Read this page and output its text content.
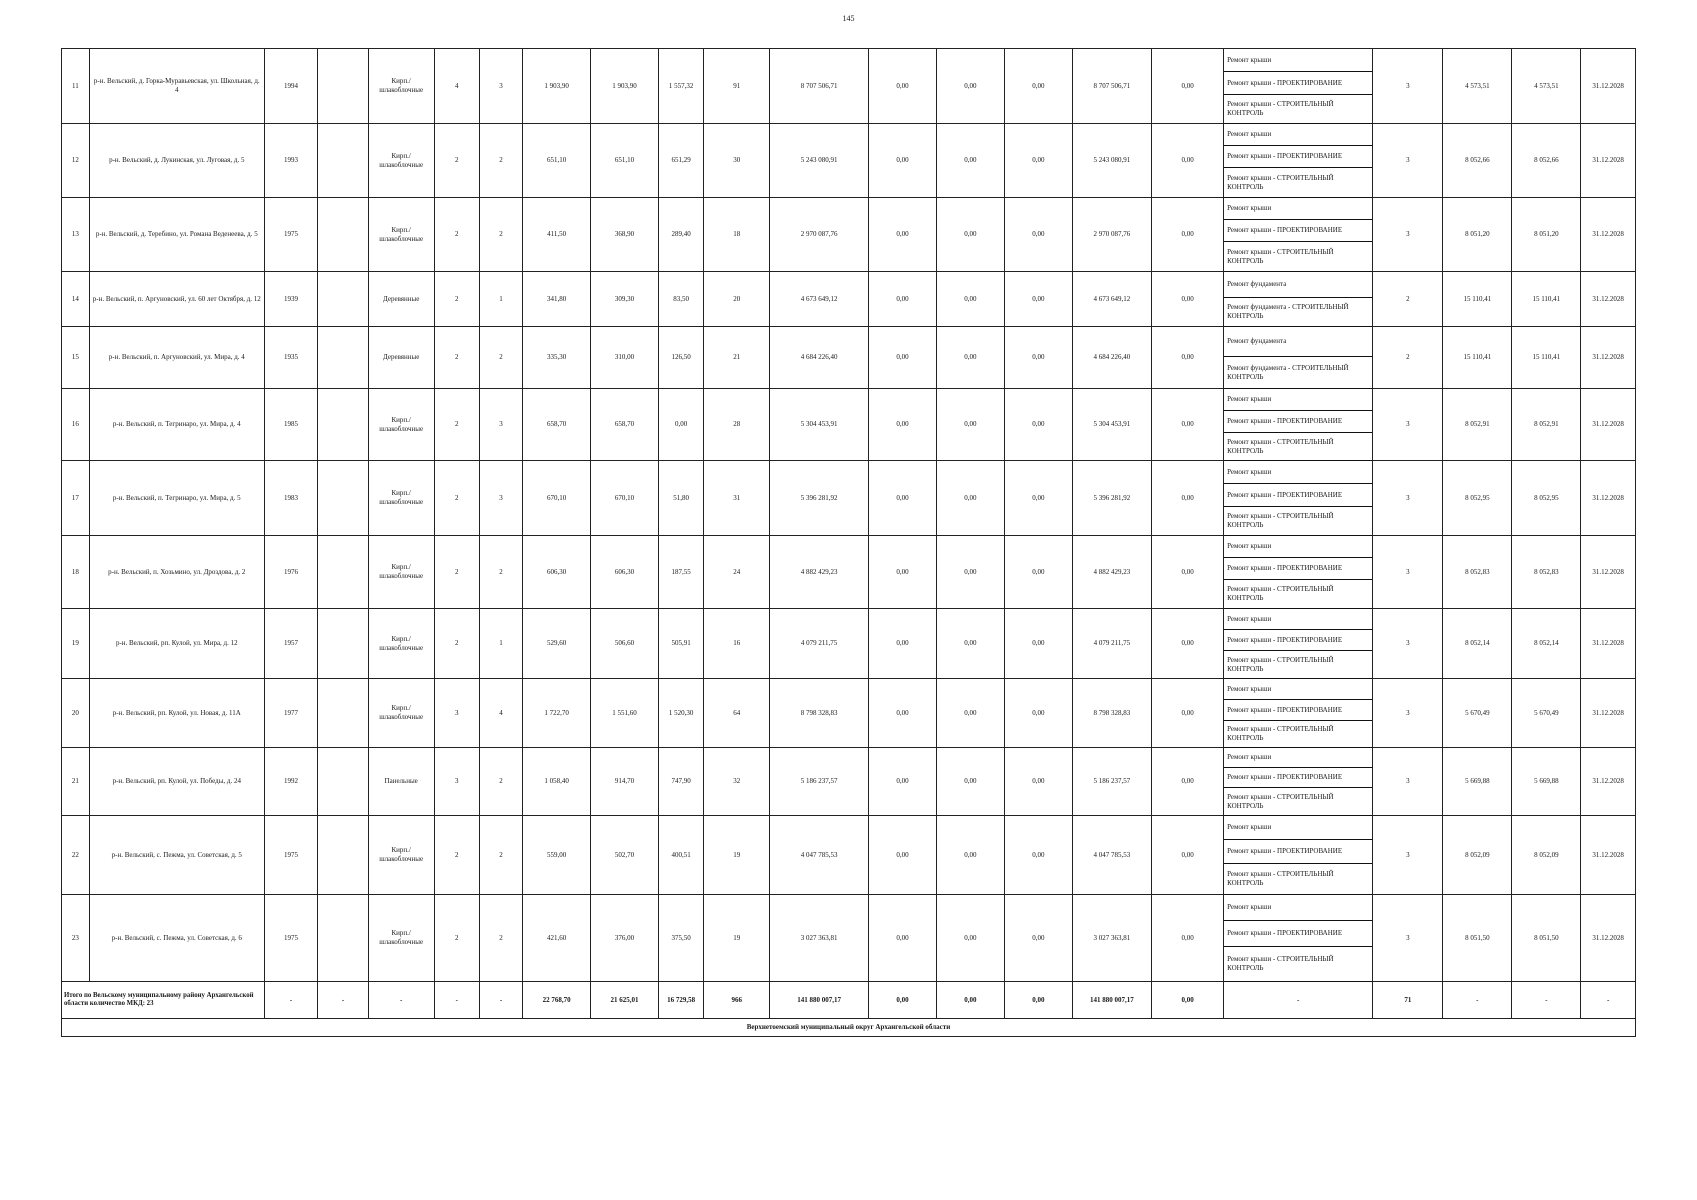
145
11	р-н. Вельский, д. Горка-Муравьевская, ул. Школьная, д. 4	1994		Кирп./ шлакоблочные	4	3	1 903,90	1 903,90	1 557,32	91	8 707 506,71	0,00	0,00	0,00	8 707 506,71	0,00	Ремонт крыши	3	4 573,51	4 573,51	31.12.2028
																	Ремонт крыши - ПРОЕКТИРОВАНИЕ				
																	Ремонт крыши - СТРОИТЕЛЬНЫЙ КОНТРОЛЬ				
12	р-н. Вельский, д. Лукинская, ул. Луговая, д. 5	1993		Кирп./ шлакоблочные	2	2	651,10	651,10	651,29	30	5 243 080,91	0,00	0,00	0,00	5 243 080,91	0,00	Ремонт крыши	3	8 052,66	8 052,66	31.12.2028
																	Ремонт крыши - ПРОЕКТИРОВАНИЕ				
																	Ремонт крыши - СТРОИТЕЛЬНЫЙ КОНТРОЛЬ				
13	р-н. Вельский, д. Теребино, ул. Романа Веденеева, д. 5	1975		Кирп./ шлакоблочные	2	2	411,50	368,90	289,40	18	2 970 087,76	0,00	0,00	0,00	2 970 087,76	0,00	Ремонт крыши	3	8 051,20	8 051,20	31.12.2028
																	Ремонт крыши - ПРОЕКТИРОВАНИЕ				
																	Ремонт крыши - СТРОИТЕЛЬНЫЙ КОНТРОЛЬ				
14	р-н. Вельский, п. Аргуновский, ул. 60 лет Октября, д. 12	1939		Деревянные	2	1	341,80	309,30	83,50	20	4 673 649,12	0,00	0,00	0,00	4 673 649,12	0,00	Ремонт фундамента	2	15 110,41	15 110,41	31.12.2028
																	Ремонт фундамента - СТРОИТЕЛЬНЫЙ КОНТРОЛЬ				
15	р-н. Вельский, п. Аргуновский, ул. Мира, д. 4	1935		Деревянные	2	2	335,30	310,00	126,50	21	4 684 226,40	0,00	0,00	0,00	4 684 226,40	0,00	Ремонт фундамента	2	15 110,41	15 110,41	31.12.2028
																	Ремонт фундамента - СТРОИТЕЛЬНЫЙ КОНТРОЛЬ				
16	р-н. Вельский, п. Тегринаро, ул. Мира, д. 4	1985		Кирп./ шлакоблочные	2	3	658,70	658,70	0,00	28	5 304 453,91	0,00	0,00	0,00	5 304 453,91	0,00	Ремонт крыши	3	8 052,91	8 052,91	31.12.2028
																	Ремонт крыши - ПРОЕКТИРОВАНИЕ				
																	Ремонт крыши - СТРОИТЕЛЬНЫЙ КОНТРОЛЬ				
17	р-н. Вельский, п. Тегринаро, ул. Мира, д. 5	1983		Кирп./ шлакоблочные	2	3	670,10	670,10	51,80	31	5 396 281,92	0,00	0,00	0,00	5 396 281,92	0,00	Ремонт крыши	3	8 052,95	8 052,95	31.12.2028
																	Ремонт крыши - ПРОЕКТИРОВАНИЕ				
																	Ремонт крыши - СТРОИТЕЛЬНЫЙ КОНТРОЛЬ				
18	р-н. Вельский, п. Хозьмино, ул. Дроздова, д. 2	1976		Кирп./ шлакоблочные	2	2	606,30	606,30	187,55	24	4 882 429,23	0,00	0,00	0,00	4 882 429,23	0,00	Ремонт крыши	3	8 052,83	8 052,83	31.12.2028
																	Ремонт крыши - ПРОЕКТИРОВАНИЕ				
																	Ремонт крыши - СТРОИТЕЛЬНЫЙ КОНТРОЛЬ				
19	р-н. Вельский, рп. Кулой, ул. Мира, д. 12	1957		Кирп./ шлакоблочные	2	1	529,60	506,60	505,91	16	4 079 211,75	0,00	0,00	0,00	4 079 211,75	0,00	Ремонт крыши	3	8 052,14	8 052,14	31.12.2028
																	Ремонт крыши - ПРОЕКТИРОВАНИЕ				
																	Ремонт крыши - СТРОИТЕЛЬНЫЙ КОНТРОЛЬ				
20	р-н. Вельский, рп. Кулой, ул. Новая, д. 11А	1977		Кирп./ шлакоблочные	3	4	1 722,70	1 551,60	1 520,30	64	8 798 328,83	0,00	0,00	0,00	8 798 328,83	0,00	Ремонт крыши	3	5 670,49	5 670,49	31.12.2028
																	Ремонт крыши - ПРОЕКТИРОВАНИЕ				
																	Ремонт крыши - СТРОИТЕЛЬНЫЙ КОНТРОЛЬ				
21	р-н. Вельский, рп. Кулой, ул. Победы, д. 24	1992		Панельные	3	2	1 058,40	914,70	747,90	32	5 186 237,57	0,00	0,00	0,00	5 186 237,57	0,00	Ремонт крыши	3	5 669,88	5 669,88	31.12.2028
																	Ремонт крыши - ПРОЕКТИРОВАНИЕ				
																	Ремонт крыши - СТРОИТЕЛЬНЫЙ КОНТРОЛЬ				
22	р-н. Вельский, с. Пежма, ул. Советская, д. 5	1975		Кирп./ шлакоблочные	2	2	559,00	502,70	400,51	19	4 047 785,53	0,00	0,00	0,00	4 047 785,53	0,00	Ремонт крыши	3	8 052,09	8 052,09	31.12.2028
																	Ремонт крыши - ПРОЕКТИРОВАНИЕ				
																	Ремонт крыши - СТРОИТЕЛЬНЫЙ КОНТРОЛЬ				
23	р-н. Вельский, с. Пежма, ул. Советская, д. 6	1975		Кирп./ шлакоблочные	2	2	421,60	376,00	375,50	19	3 027 363,81	0,00	0,00	0,00	3 027 363,81	0,00	Ремонт крыши	3	8 051,50	8 051,50	31.12.2028
																	Ремонт крыши - ПРОЕКТИРОВАНИЕ				
																	Ремонт крыши - СТРОИТЕЛЬНЫЙ КОНТРОЛЬ				
Итого по Вельскому муниципальному району Архангельской области количество МКД: 23		-	-	-	-	-	22 768,70	21 625,01	16 729,58	966	141 880 007,17	0,00	0,00	0,00	141 880 007,17	0,00	-	71	-	-	-
Верхнетоемский муниципальный округ Архангельской области																					
